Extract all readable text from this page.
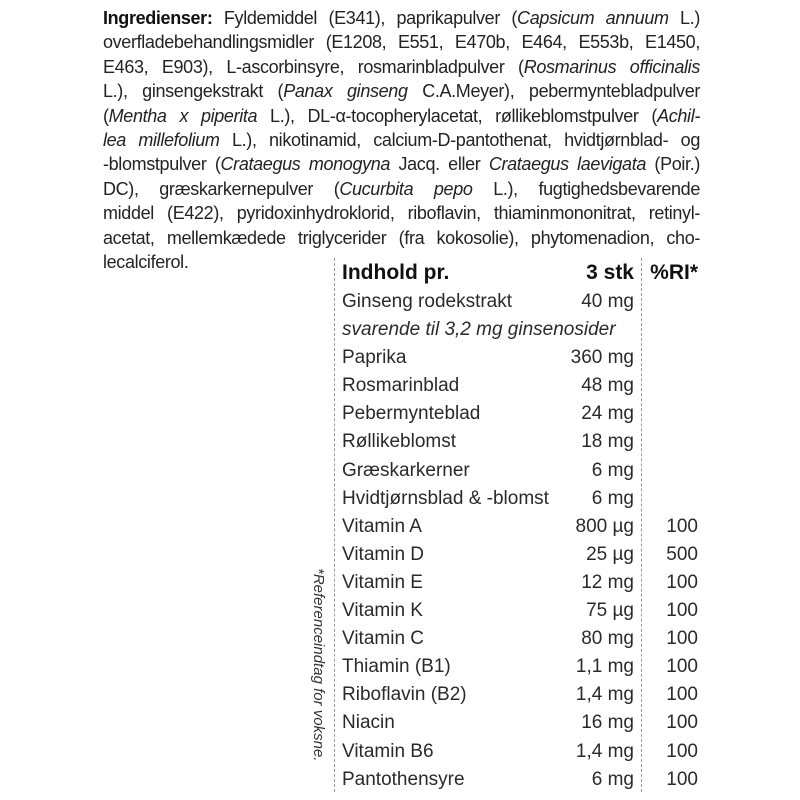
Ingredienser: Fyldemiddel (E341), paprikapulver (Capsicum annuum L.)
overfladebehandlingsmidler (E1208, E551, E470b, E464, E553b, E1450,
E463, E903), L-ascorbinsyre, rosmarinbladpulver (Rosmarinus officinalis
L.), ginsengekstrakt (Panax ginseng C.A.Meyer), pebermyntebladpulver
(Mentha x piperita L.), DL-α-tocopherylacetat, røllikeblomstpulver (Achil-
lea millefolium L.), nikotinamid, calcium-D-pantothenat, hvidtjørnblad- og
-blomstpulver (Crataegus monogyna Jacq. eller Crataegus laevigata (Poir.)
DC), græskarkernepulver (Cucurbita pepo L.), fugtighedsbevarende
middel (E422), pyridoxinhydroklorid, riboflavin, thiaminmononitrat, retinyl-
acetat, mellemkædede triglycerider (fra kokosolie), phytomenadion, cho-
lecalciferol.	Indhold pr.	3 stk %RI*
Ginseng rodekstrakt	40 mg
svarende til 3,2 mg ginsenosider
Paprika	360 mg
Rosmarinblad	48 mg
Pebermynteblad	24 mg
Røllikeblomst	18 mg
Græskarkerner	6 mg
Hvidtjørnsblad & -blomst 6 mg
Vitamin A	800 µg 100
Vitamin D	25 µg 500
Vitamin E	12 mg 100
Vitamin K	75 µg 100
Vitamin C	80 mg 100
Thiamin (B1)	1,1 mg 100
Riboflavin (B2)	1,4 mg 100
Niacin	16 mg 100
Vitamin B6	1,4 mg 100
Pantothensyre	6 mg 100
*Referenceindtag for voksne.
